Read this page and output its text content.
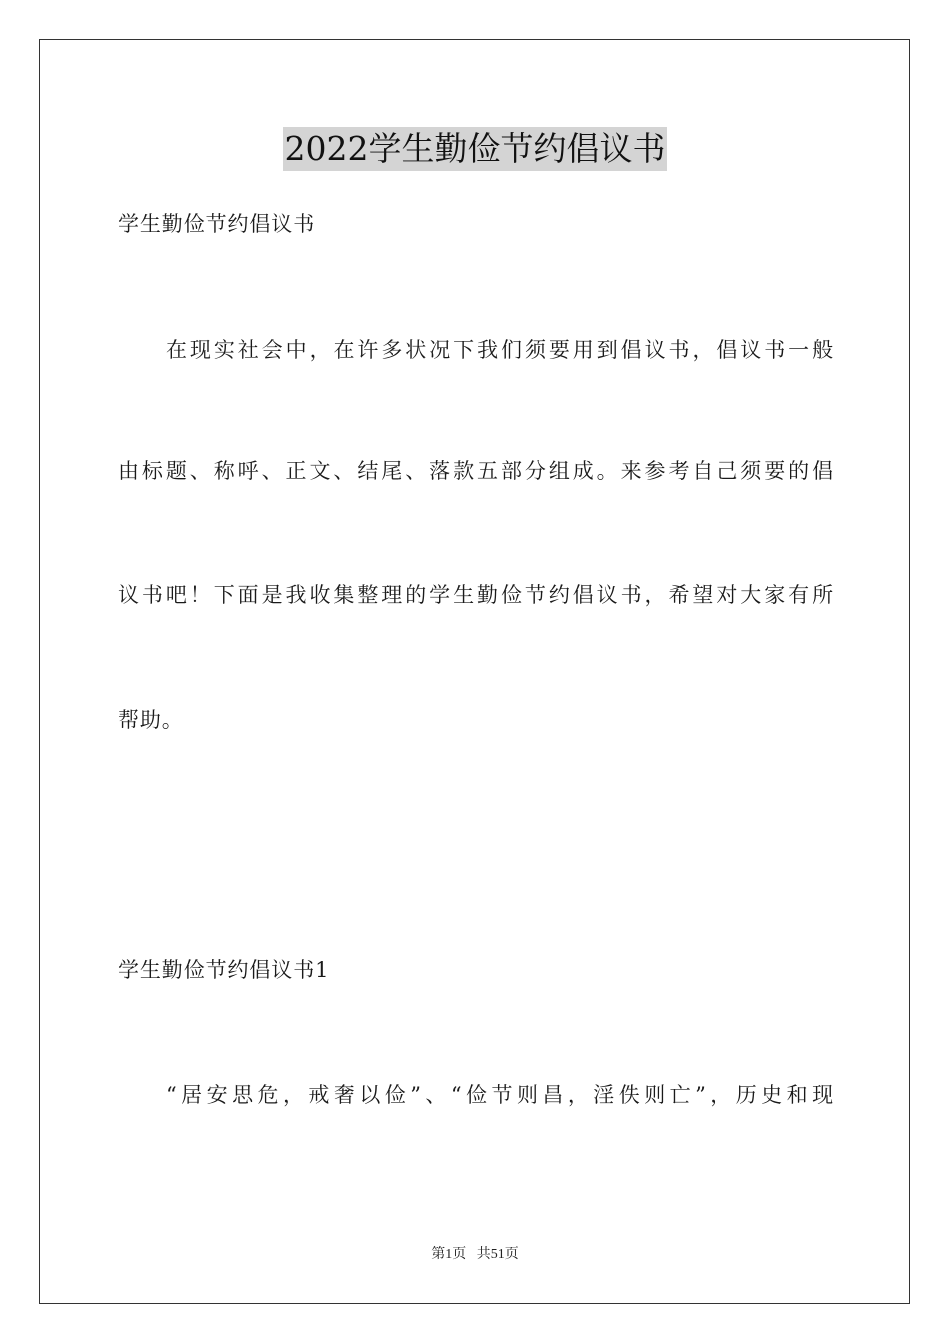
2022学生勤俭节约倡议书
学生勤俭节约倡议书
在现实社会中，在许多状况下我们须要用到倡议书，倡议书一般
由标题、称呼、正文、结尾、落款五部分组成。来参考自己须要的倡
议书吧！下面是我收集整理的学生勤俭节约倡议书，希望对大家有所
帮助。
学生勤俭节约倡议书1
“居安思危，戒奢以俭”、“俭节则昌，淫佚则亡”，历史和现
第1页 共51页
